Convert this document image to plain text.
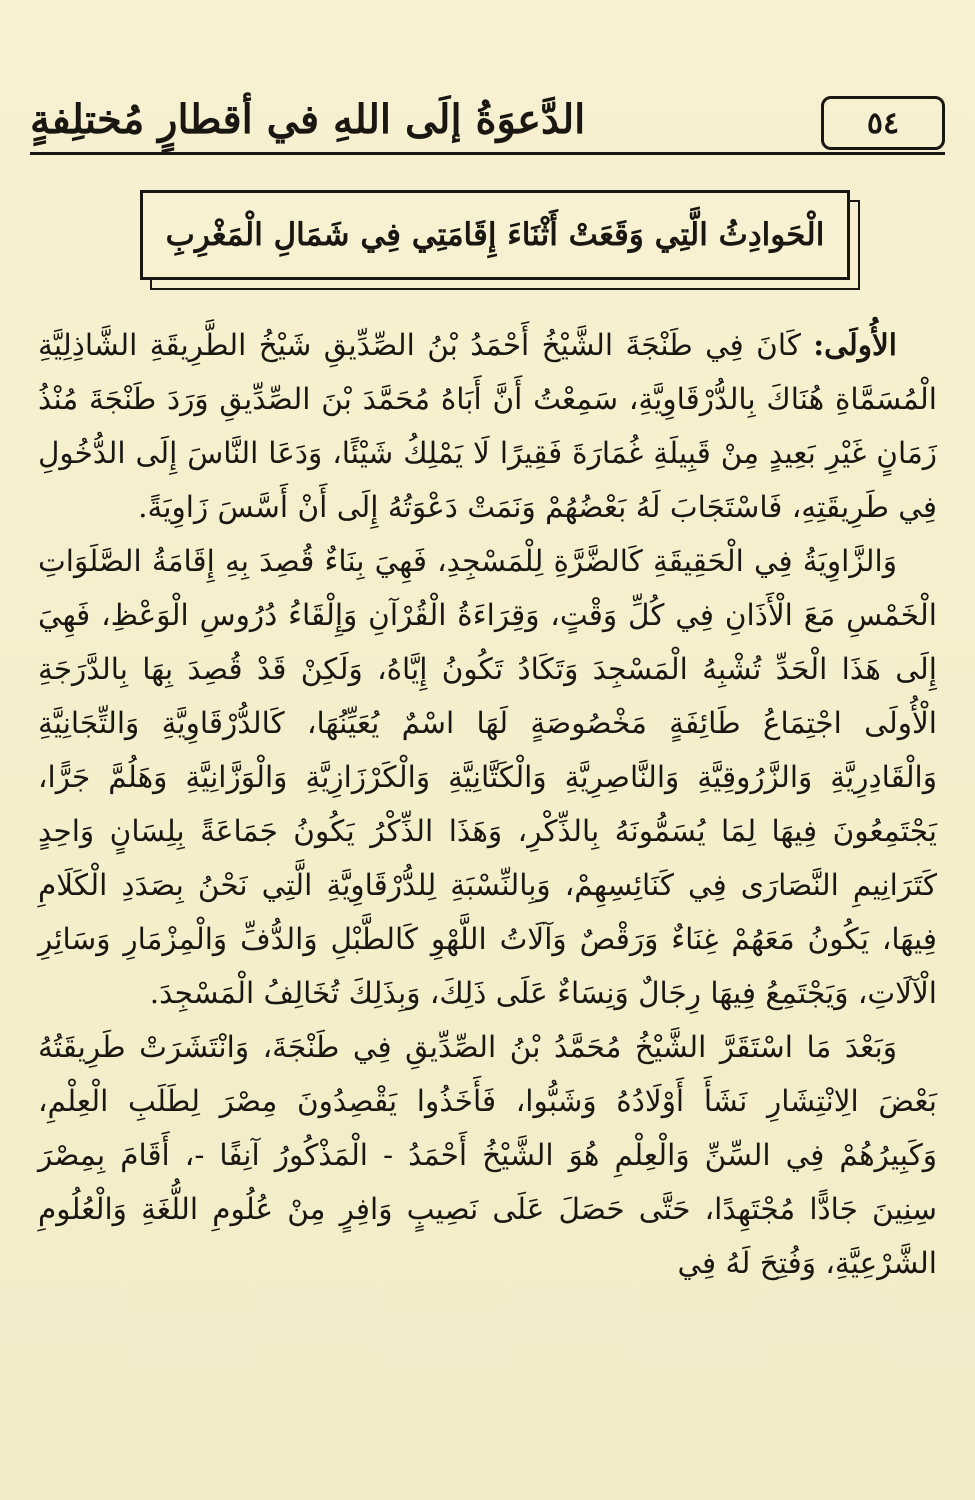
٥٤
الدَّعوَةُ إلَى اللهِ في أقطارٍ مُختلِفةٍ
الْحَوادِثُ الَّتِي وَقَعَتْ أَثْنَاءَ إِقَامَتِي فِي شَمَالِ الْمَغْرِبِ

الأُولَى: كَانَ فِي طَنْجَةَ الشَّيْخُ أَحْمَدُ بْنُ الصِّدِّيقِ شَيْخُ الطَّرِيقَةِ الشَّاذِلِيَّةِ الْمُسَمَّاةِ هُنَاكَ بِالدُّرْقَاوِيَّةِ، سَمِعْتُ أَنَّ أَبَاهُ مُحَمَّدَ بْنَ الصِّدِّيقِ وَرَدَ طَنْجَةَ مُنْذُ زَمَانٍ غَيْرِ بَعِيدٍ مِنْ قَبِيلَةِ غُمَارَةَ فَقِيرًا لَا يَمْلِكُ شَيْئًا، وَدَعَا النَّاسَ إِلَى الدُّخُولِ فِي طَرِيقَتِهِ، فَاسْتَجَابَ لَهُ بَعْضُهُمْ وَنَمَتْ دَعْوَتُهُ إِلَى أَنْ أَسَّسَ زَاوِيَةً.

وَالزَّاوِيَةُ فِي الْحَقِيقَةِ كَالضَّرَّةِ لِلْمَسْجِدِ، فَهِيَ بِنَاءٌ قُصِدَ بِهِ إِقَامَةُ الصَّلَوَاتِ الْخَمْسِ مَعَ الْأَذَانِ فِي كُلِّ وَقْتٍ، وَقِرَاءَةُ الْقُرْآنِ وَإِلْقَاءُ دُرُوسِ الْوَعْظِ، فَهِيَ إِلَى هَذَا الْحَدِّ تُشْبِهُ الْمَسْجِدَ وَتَكَادُ تَكُونُ إِيَّاهُ، وَلَكِنْ قَدْ قُصِدَ بِهَا بِالدَّرَجَةِ الْأُولَى اجْتِمَاعُ طَائِفَةٍ مَخْصُوصَةٍ لَهَا اسْمٌ يُعَيِّنُهَا، كَالدُّرْقَاوِيَّةِ وَالتِّجَانِيَّةِ وَالْقَادِرِيَّةِ وَالزَّرُوقِيَّةِ وَالنَّاصِرِيَّةِ وَالْكَتَّانِيَّةِ وَالْكَرْزَازِيَّةِ وَالْوَزَّانِيَّةِ وَهَلُمَّ جَرًّا، يَجْتَمِعُونَ فِيهَا لِمَا يُسَمُّونَهُ بِالذِّكْرِ، وَهَذَا الذِّكْرُ يَكُونُ جَمَاعَةً بِلِسَانٍ وَاحِدٍ كَتَرَانِيمِ النَّصَارَى فِي كَنَائِسِهِمْ، وَبِالنِّسْبَةِ لِلدُّرْقَاوِيَّةِ الَّتِي نَحْنُ بِصَدَدِ الْكَلَامِ فِيهَا، يَكُونُ مَعَهُمْ غِنَاءٌ وَرَقْصٌ وَآلَاتُ اللَّهْوِ كَالطَّبْلِ وَالدُّفِّ وَالْمِزْمَارِ وَسَائِرِ الْآلَاتِ، وَيَجْتَمِعُ فِيهَا رِجَالٌ وَنِسَاءٌ عَلَى ذَلِكَ، وَبِذَلِكَ تُخَالِفُ الْمَسْجِدَ.

وَبَعْدَ مَا اسْتَقَرَّ الشَّيْخُ مُحَمَّدُ بْنُ الصِّدِّيقِ فِي طَنْجَةَ، وَانْتَشَرَتْ طَرِيقَتُهُ بَعْضَ الِانْتِشَارِ نَشَأَ أَوْلَادُهُ وَشَبُّوا، فَأَخَذُوا يَقْصِدُونَ مِصْرَ لِطَلَبِ الْعِلْمِ، وَكَبِيرُهُمْ فِي السِّنِّ وَالْعِلْمِ هُوَ الشَّيْخُ أَحْمَدُ - الْمَذْكُورُ آنِفًا -، أَقَامَ بِمِصْرَ سِنِينَ جَادًّا مُجْتَهِدًا، حَتَّى حَصَلَ عَلَى نَصِيبٍ وَافِرٍ مِنْ عُلُومِ اللُّغَةِ وَالْعُلُومِ الشَّرْعِيَّةِ، وَفُتِحَ لَهُ فِي
